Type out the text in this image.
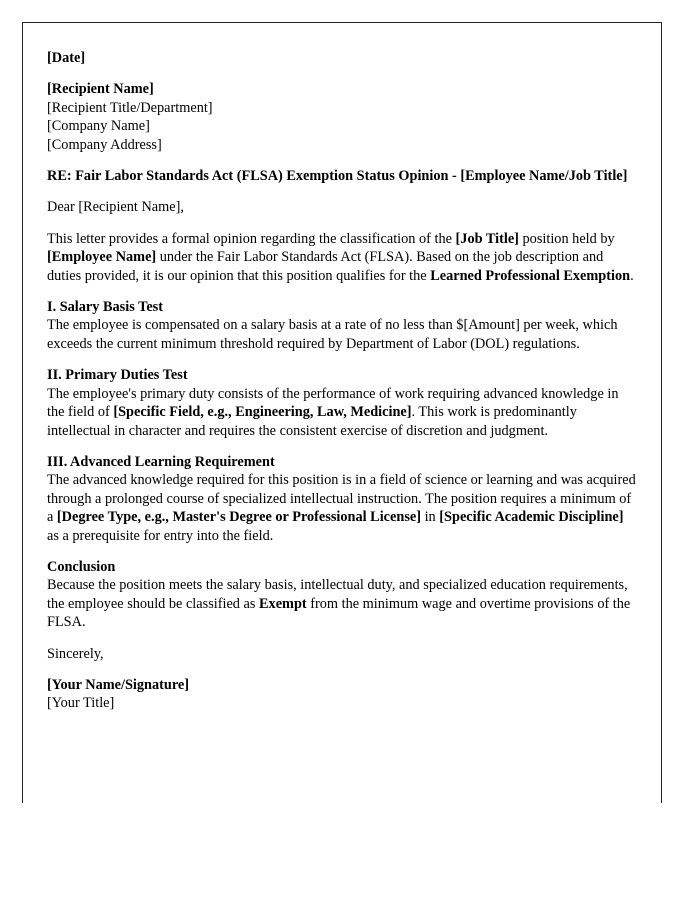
[Date]

[Recipient Name]
[Recipient Title/Department]
[Company Name]
[Company Address]

RE: Fair Labor Standards Act (FLSA) Exemption Status Opinion - [Employee Name/Job Title]

Dear [Recipient Name],

This letter provides a formal opinion regarding the classification of the [Job Title] position held by [Employee Name] under the Fair Labor Standards Act (FLSA). Based on the job description and duties provided, it is our opinion that this position qualifies for the Learned Professional Exemption.

I. Salary Basis Test

The employee is compensated on a salary basis at a rate of no less than $[Amount] per week, which exceeds the current minimum threshold required by Department of Labor (DOL) regulations.

II. Primary Duties Test

The employee's primary duty consists of the performance of work requiring advanced knowledge in the field of [Specific Field, e.g., Engineering, Law, Medicine]. This work is predominantly intellectual in character and requires the consistent exercise of discretion and judgment.

III. Advanced Learning Requirement

The advanced knowledge required for this position is in a field of science or learning and was acquired through a prolonged course of specialized intellectual instruction. The position requires a minimum of a [Degree Type, e.g., Master's Degree or Professional License] in [Specific Academic Discipline] as a prerequisite for entry into the field.

Conclusion

Because the position meets the salary basis, intellectual duty, and specialized education requirements, the employee should be classified as Exempt from the minimum wage and overtime provisions of the FLSA.

Sincerely,

[Your Name/Signature]
[Your Title]
